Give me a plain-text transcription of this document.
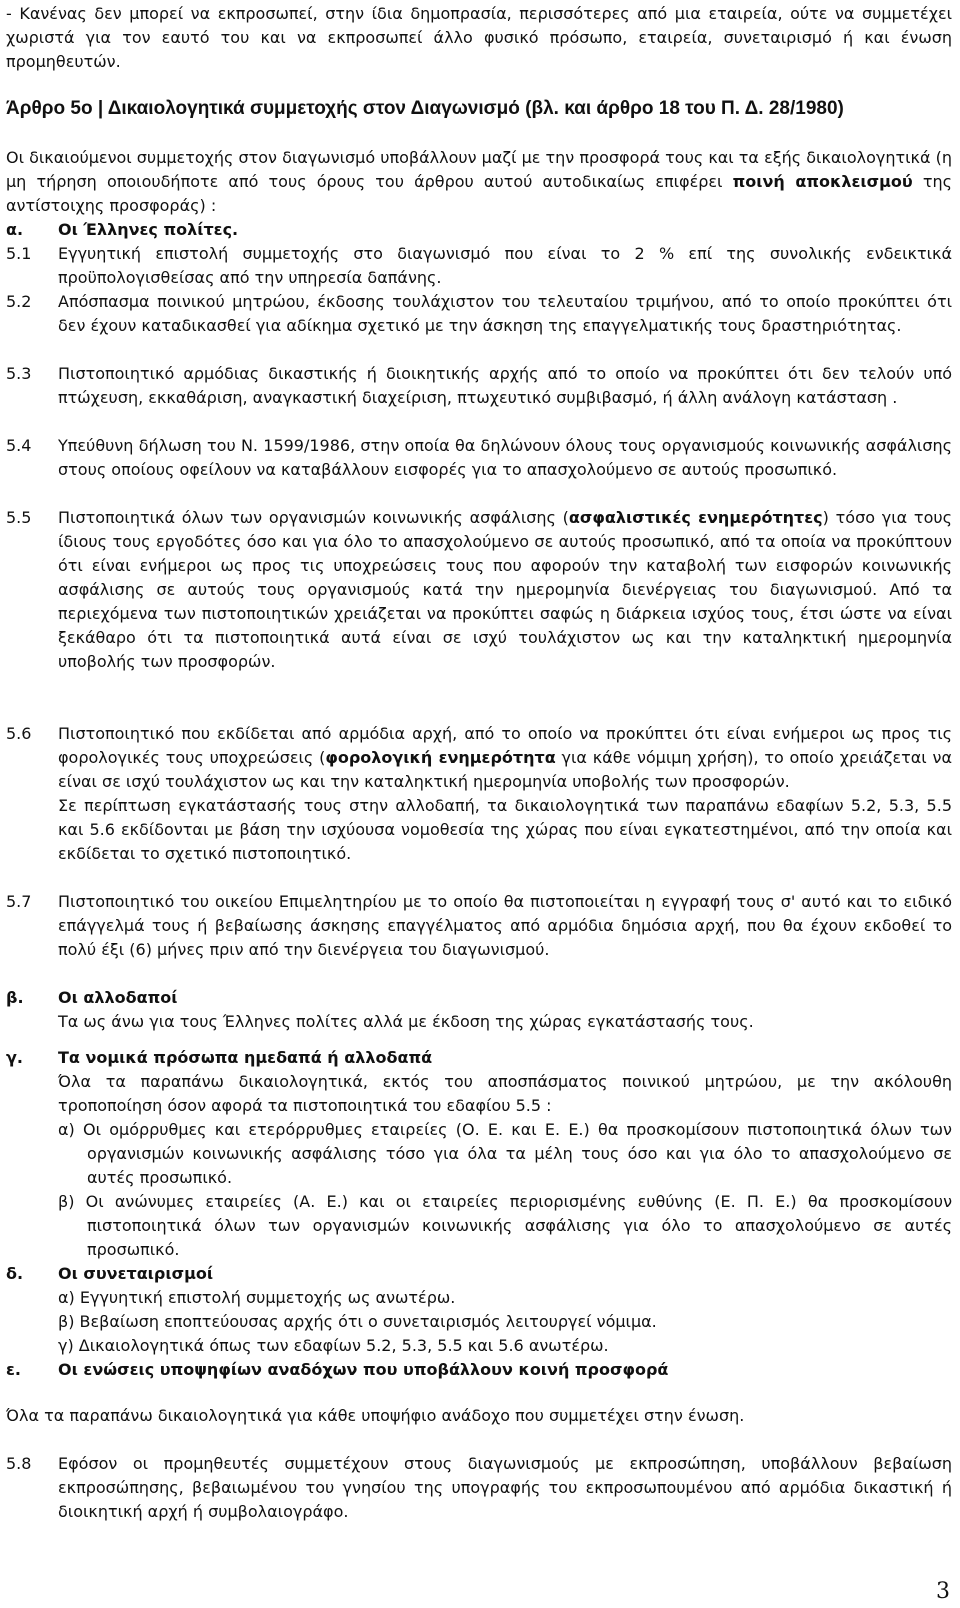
- Κανένας δεν μπορεί να εκπροσωπεί, στην ίδια δημοπρασία, περισσότερες από μια εταιρεία, ούτε να συμμετέχει χωριστά για τον εαυτό του και να εκπροσωπεί άλλο φυσικό πρόσωπο, εταιρεία, συνεταιρισμό ή και ένωση προμηθευτών.
Άρθρο 5ο | Δικαιολογητικά συμμετοχής στον Διαγωνισμό (βλ. και άρθρο 18 του Π. Δ. 28/1980)
Οι δικαιούμενοι συμμετοχής στον διαγωνισμό υποβάλλουν μαζί με την προσφορά τους και τα εξής δικαιολογητικά (η μη τήρηση οποιουδήποτε από τους όρους του άρθρου αυτού αυτοδικαίως επιφέρει ποινή αποκλεισμού της αντίστοιχης προσφοράς) :
α.	Οι Έλληνες πολίτες.
5.1	Εγγυητική επιστολή συμμετοχής στο διαγωνισμό που είναι το 2 % επί της συνολικής ενδεικτικά προϋπολογισθείσας από την υπηρεσία δαπάνης.
5.2	Απόσπασμα ποινικού μητρώου, έκδοσης τουλάχιστον του τελευταίου τριμήνου, από το οποίο προκύπτει ότι δεν έχουν καταδικασθεί για αδίκημα σχετικό με την άσκηση της επαγγελματικής τους δραστηριότητας.
5.3	Πιστοποιητικό αρμόδιας δικαστικής ή διοικητικής αρχής από το οποίο να προκύπτει ότι δεν τελούν υπό πτώχευση, εκκαθάριση, αναγκαστική διαχείριση, πτωχευτικό συμβιβασμό, ή άλλη ανάλογη κατάσταση .
5.4	Υπεύθυνη δήλωση του Ν. 1599/1986, στην οποία θα δηλώνουν όλους τους οργανισμούς κοινωνικής ασφάλισης στους οποίους οφείλουν να καταβάλλουν εισφορές για το απασχολούμενο σε αυτούς προσωπικό.
5.5	Πιστοποιητικά όλων των οργανισμών κοινωνικής ασφάλισης (ασφαλιστικές ενημερότητες) τόσο για τους ίδιους τους εργοδότες όσο και για όλο το απασχολούμενο σε αυτούς προσωπικό, από τα οποία να προκύπτουν ότι είναι ενήμεροι ως προς τις υποχρεώσεις τους που αφορούν την καταβολή των εισφορών κοινωνικής ασφάλισης σε αυτούς τους οργανισμούς κατά την ημερομηνία διενέργειας του διαγωνισμού. Από τα περιεχόμενα των πιστοποιητικών χρειάζεται να προκύπτει σαφώς η διάρκεια ισχύος τους, έτσι ώστε να είναι ξεκάθαρο ότι τα πιστοποιητικά αυτά είναι σε ισχύ τουλάχιστον ως και την καταληκτική ημερομηνία υποβολής των προσφορών.
5.6	Πιστοποιητικό που εκδίδεται από αρμόδια αρχή, από το οποίο να προκύπτει ότι είναι ενήμεροι ως προς τις φορολογικές τους υποχρεώσεις (φορολογική ενημερότητα για κάθε νόμιμη χρήση), το οποίο χρειάζεται να είναι σε ισχύ τουλάχιστον ως και την καταληκτική ημερομηνία υποβολής των προσφορών.
Σε περίπτωση εγκατάστασής τους στην αλλοδαπή, τα δικαιολογητικά των παραπάνω εδαφίων 5.2, 5.3, 5.5 και 5.6 εκδίδονται με βάση την ισχύουσα νομοθεσία της χώρας που είναι εγκατεστημένοι, από την οποία και εκδίδεται το σχετικό πιστοποιητικό.
5.7	Πιστοποιητικό του οικείου Επιμελητηρίου με το οποίο θα πιστοποιείται η εγγραφή τους σ' αυτό και το ειδικό επάγγελμά τους ή βεβαίωσης άσκησης επαγγέλματος από αρμόδια δημόσια αρχή, που θα έχουν εκδοθεί το πολύ έξι (6) μήνες πριν από την διενέργεια του διαγωνισμού.
β.	Οι αλλοδαποί
Τα ως άνω για τους Έλληνες πολίτες αλλά με έκδοση της χώρας εγκατάστασής τους.
γ.	Τα νομικά πρόσωπα ημεδαπά ή αλλοδαπά
Όλα τα παραπάνω δικαιολογητικά, εκτός του αποσπάσματος ποινικού μητρώου, με την ακόλουθη τροποποίηση όσον αφορά τα πιστοποιητικά του εδαφίου 5.5 :
α) Οι ομόρρυθμες και ετερόρρυθμες εταιρείες (Ο. Ε. και Ε. Ε.) θα προσκομίσουν πιστοποιητικά όλων των οργανισμών κοινωνικής ασφάλισης τόσο για όλα τα μέλη τους όσο και για όλο το απασχολούμενο σε αυτές προσωπικό.
β) Οι ανώνυμες εταιρείες (Α. Ε.) και οι εταιρείες περιορισμένης ευθύνης (Ε. Π. Ε.) θα προσκομίσουν πιστοποιητικά όλων των οργανισμών κοινωνικής ασφάλισης για όλο το απασχολούμενο σε αυτές προσωπικό.
δ.	Οι συνεταιρισμοί
α) Εγγυητική επιστολή συμμετοχής ως ανωτέρω.
β) Βεβαίωση εποπτεύουσας αρχής ότι ο συνεταιρισμός λειτουργεί νόμιμα.
γ) Δικαιολογητικά όπως των εδαφίων 5.2, 5.3, 5.5 και 5.6 ανωτέρω.
ε.	Οι ενώσεις υποψηφίων αναδόχων που υποβάλλουν κοινή προσφορά
Όλα τα παραπάνω δικαιολογητικά για κάθε υποψήφιο ανάδοχο που συμμετέχει στην ένωση.
5.8	Εφόσον οι προμηθευτές συμμετέχουν στους διαγωνισμούς με εκπροσώπηση, υποβάλλουν βεβαίωση εκπροσώπησης, βεβαιωμένου του γνησίου της υπογραφής του εκπροσωπουμένου από αρμόδια δικαστική ή διοικητική αρχή ή συμβολαιογράφο.
3
